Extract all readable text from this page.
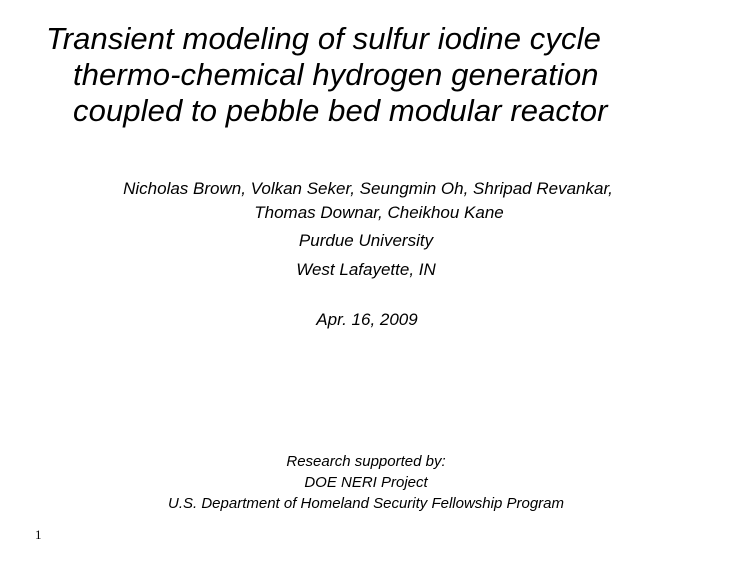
Transient modeling of sulfur iodine cycle
thermo-chemical hydrogen generation
coupled to pebble bed modular reactor
Nicholas Brown, Volkan Seker, Seungmin Oh, Shripad Revankar,
Thomas Downar, Cheikhou Kane
Purdue University
West Lafayette, IN
Apr. 16, 2009
Research supported by:
DOE NERI Project
U.S. Department of Homeland Security Fellowship Program
1
